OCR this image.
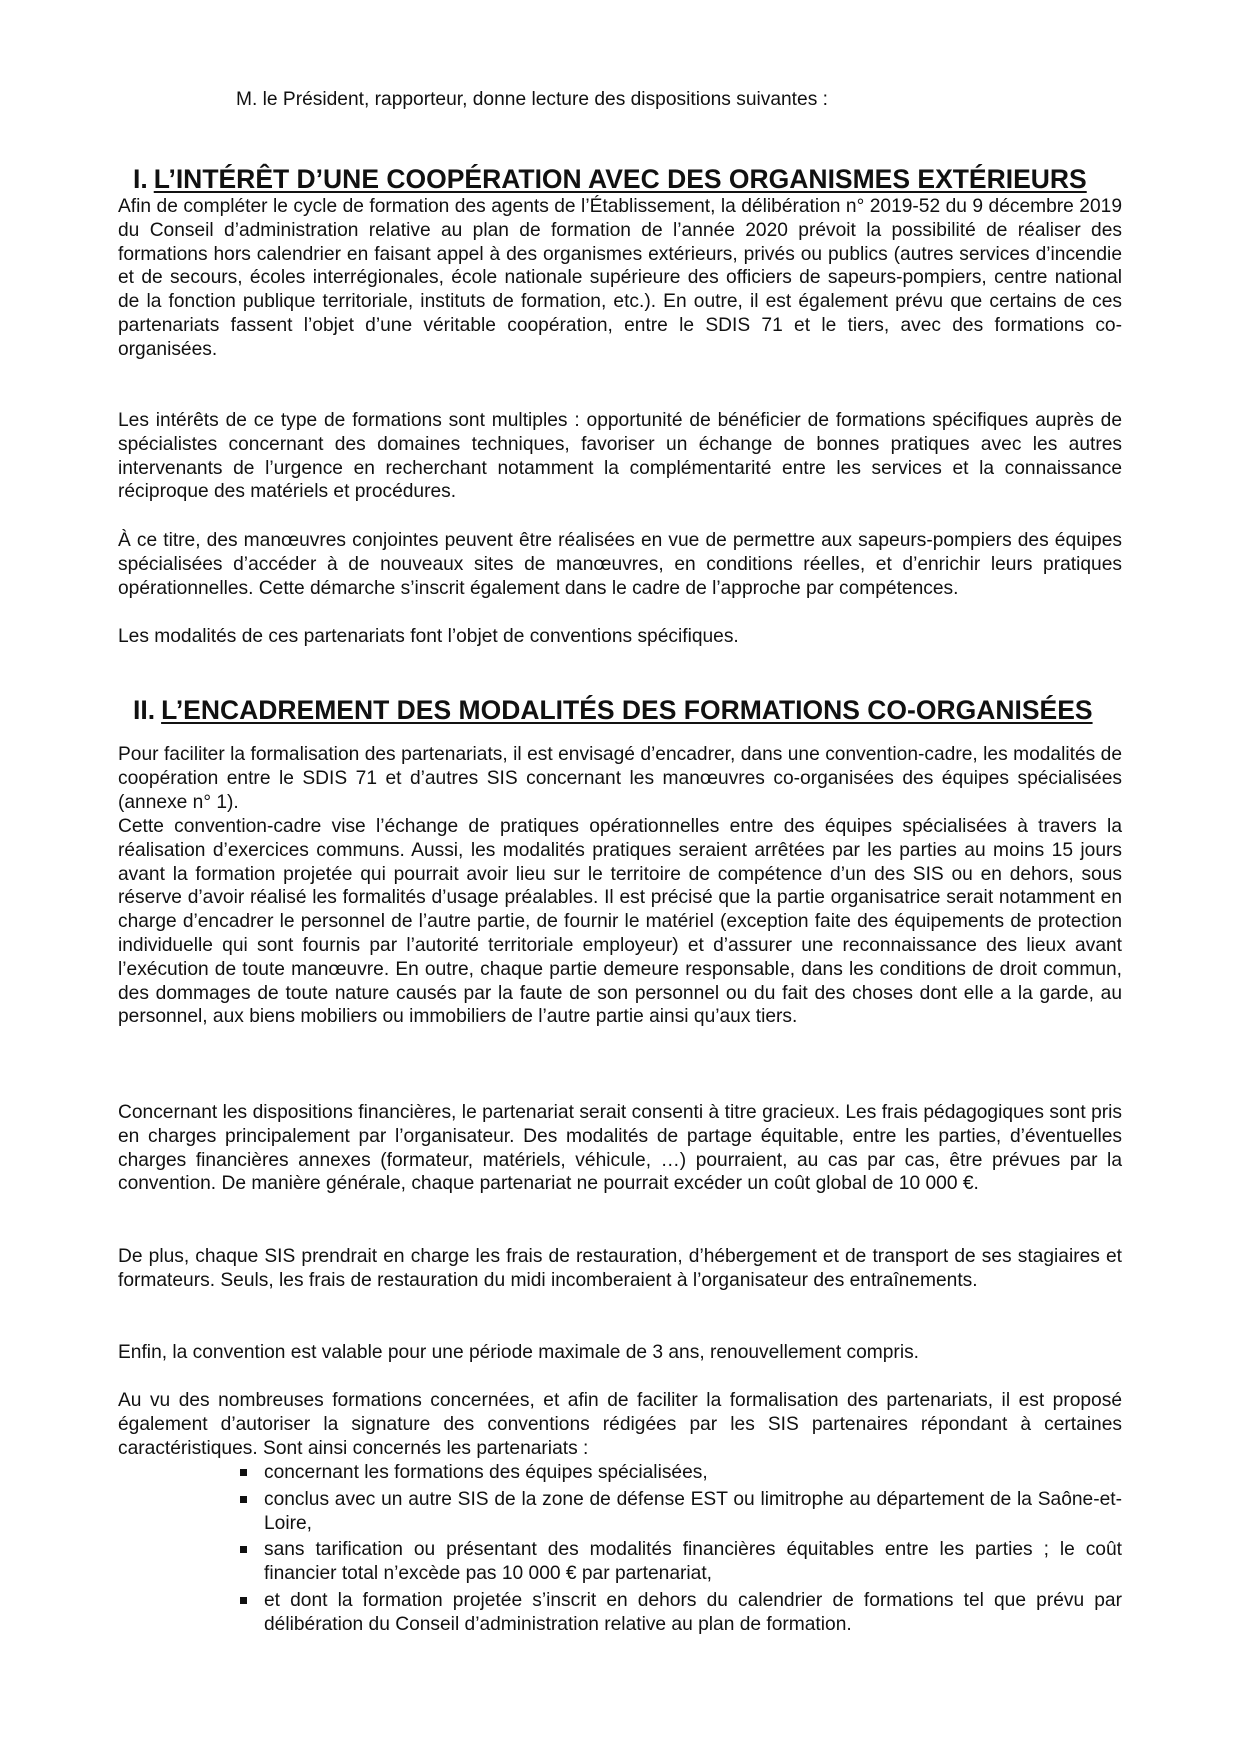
M. le Président, rapporteur, donne lecture des dispositions suivantes :
I. L’INTÉRÊT D’UNE COOPÉRATION AVEC DES ORGANISMES EXTÉRIEURS

Afin de compléter le cycle de formation des agents de l’Établissement, la délibération n° 2019-52 du 9 décembre 2019 du Conseil d’administration relative au plan de formation de l’année 2020 prévoit la possibilité de réaliser des formations hors calendrier en faisant appel à des organismes extérieurs, privés ou publics (autres services d’incendie et de secours, écoles interrégionales, école nationale supérieure des officiers de sapeurs-pompiers, centre national de la fonction publique territoriale, instituts de formation, etc.). En outre, il est également prévu que certains de ces partenariats fassent l’objet d’une véritable coopération, entre le SDIS 71 et le tiers, avec des formations co-organisées.

Les intérêts de ce type de formations sont multiples : opportunité de bénéficier de formations spécifiques auprès de spécialistes concernant des domaines techniques, favoriser un échange de bonnes pratiques avec les autres intervenants de l’urgence en recherchant notamment la complémentarité entre les services et la connaissance réciproque des matériels et procédures.

À ce titre, des manœuvres conjointes peuvent être réalisées en vue de permettre aux sapeurs-pompiers des équipes spécialisées d’accéder à de nouveaux sites de manœuvres, en conditions réelles, et d’enrichir leurs pratiques opérationnelles. Cette démarche s’inscrit également dans le cadre de l’approche par compétences.

Les modalités de ces partenariats font l’objet de conventions spécifiques.

II. L’ENCADREMENT DES MODALITÉS DES FORMATIONS CO-ORGANISÉES

Pour faciliter la formalisation des partenariats, il est envisagé d’encadrer, dans une convention-cadre, les modalités de coopération entre le SDIS 71 et d’autres SIS concernant les manœuvres co-organisées des équipes spécialisées (annexe n° 1).

Cette convention-cadre vise l’échange de pratiques opérationnelles entre des équipes spécialisées à travers la réalisation d’exercices communs. Aussi, les modalités pratiques seraient arrêtées par les parties au moins 15 jours avant la formation projetée qui pourrait avoir lieu sur le territoire de compétence d’un des SIS ou en dehors, sous réserve d’avoir réalisé les formalités d’usage préalables. Il est précisé que la partie organisatrice serait notamment en charge d’encadrer le personnel de l’autre partie, de fournir le matériel (exception faite des équipements de protection individuelle qui sont fournis par l’autorité territoriale employeur) et d’assurer une reconnaissance des lieux avant l’exécution de toute manœuvre. En outre, chaque partie demeure responsable, dans les conditions de droit commun, des dommages de toute nature causés par la faute de son personnel ou du fait des choses dont elle a la garde, au personnel, aux biens mobiliers ou immobiliers de l’autre partie ainsi qu’aux tiers.

Concernant les dispositions financières, le partenariat serait consenti à titre gracieux. Les frais pédagogiques sont pris en charges principalement par l’organisateur. Des modalités de partage équitable, entre les parties, d’éventuelles charges financières annexes (formateur, matériels, véhicule, …) pourraient, au cas par cas, être prévues par la convention. De manière générale, chaque partenariat ne pourrait excéder un coût global de 10 000 €.

De plus, chaque SIS prendrait en charge les frais de restauration, d’hébergement et de transport de ses stagiaires et formateurs. Seuls, les frais de restauration du midi incomberaient à l’organisateur des entraînements.

Enfin, la convention est valable pour une période maximale de 3 ans, renouvellement compris.

Au vu des nombreuses formations concernées, et afin de faciliter la formalisation des partenariats, il est proposé également d’autoriser la signature des conventions rédigées par les SIS partenaires répondant à certaines caractéristiques. Sont ainsi concernés les partenariats :

concernant les formations des équipes spécialisées,
conclus avec un autre SIS de la zone de défense EST ou limitrophe au département de la Saône-et-Loire,
sans tarification ou présentant des modalités financières équitables entre les parties ; le coût financier total n’excède pas 10 000 € par partenariat,
et dont la formation projetée s’inscrit en dehors du calendrier de formations tel que prévu par délibération du Conseil d’administration relative au plan de formation.
